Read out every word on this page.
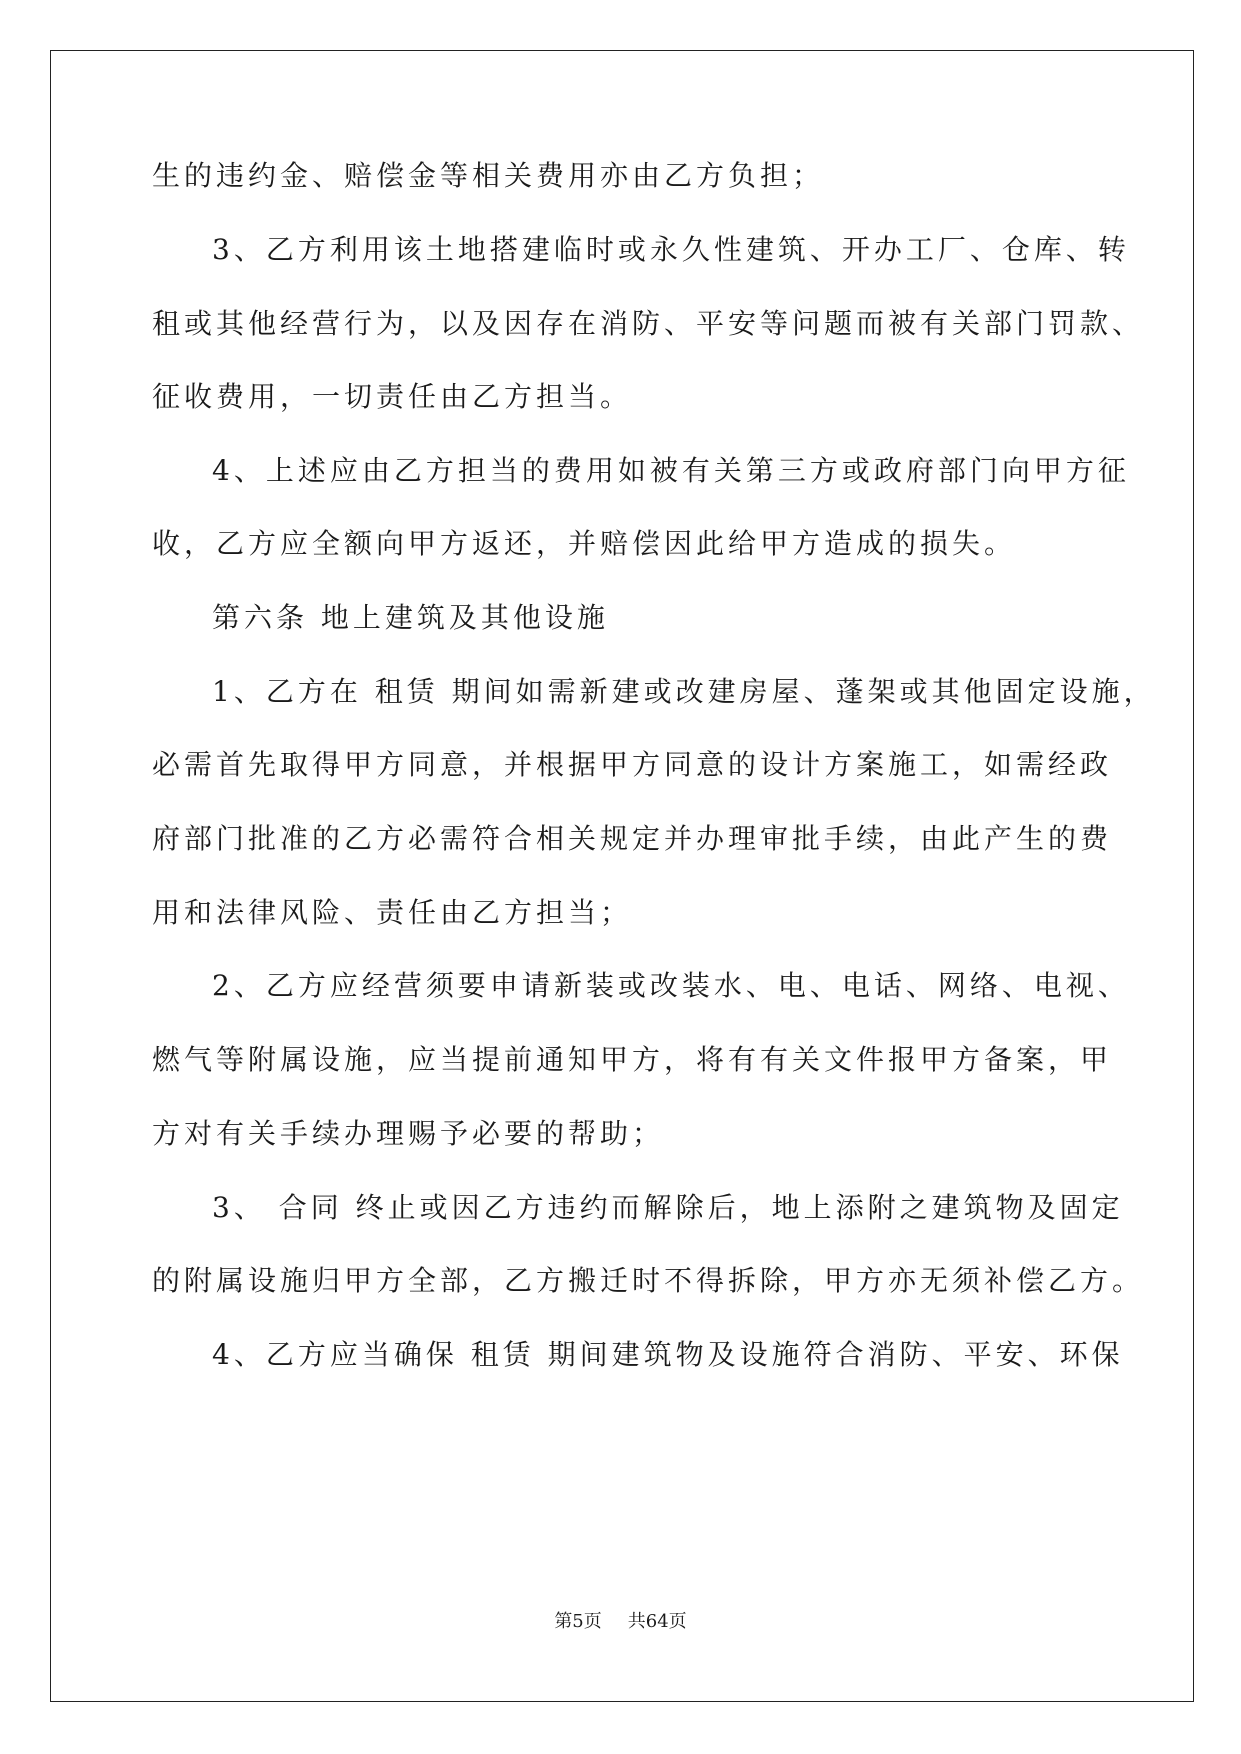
生的违约金、赔偿金等相关费用亦由乙方负担；
3、乙方利用该土地搭建临时或永久性建筑、开办工厂、仓库、转
租或其他经营行为，以及因存在消防、平安等问题而被有关部门罚款、
征收费用，一切责任由乙方担当。
4、上述应由乙方担当的费用如被有关第三方或政府部门向甲方征
收，乙方应全额向甲方返还，并赔偿因此给甲方造成的损失。
第六条 地上建筑及其他设施
1、乙方在 租赁 期间如需新建或改建房屋、蓬架或其他固定设施，
必需首先取得甲方同意，并根据甲方同意的设计方案施工，如需经政
府部门批准的乙方必需符合相关规定并办理审批手续，由此产生的费
用和法律风险、责任由乙方担当；
2、乙方应经营须要申请新装或改装水、电、电话、网络、电视、
燃气等附属设施，应当提前通知甲方，将有有关文件报甲方备案，甲
方对有关手续办理赐予必要的帮助；
3、 合同 终止或因乙方违约而解除后，地上添附之建筑物及固定
的附属设施归甲方全部，乙方搬迁时不得拆除，甲方亦无须补偿乙方。
4、乙方应当确保 租赁 期间建筑物及设施符合消防、平安、环保
第5页 共64页
